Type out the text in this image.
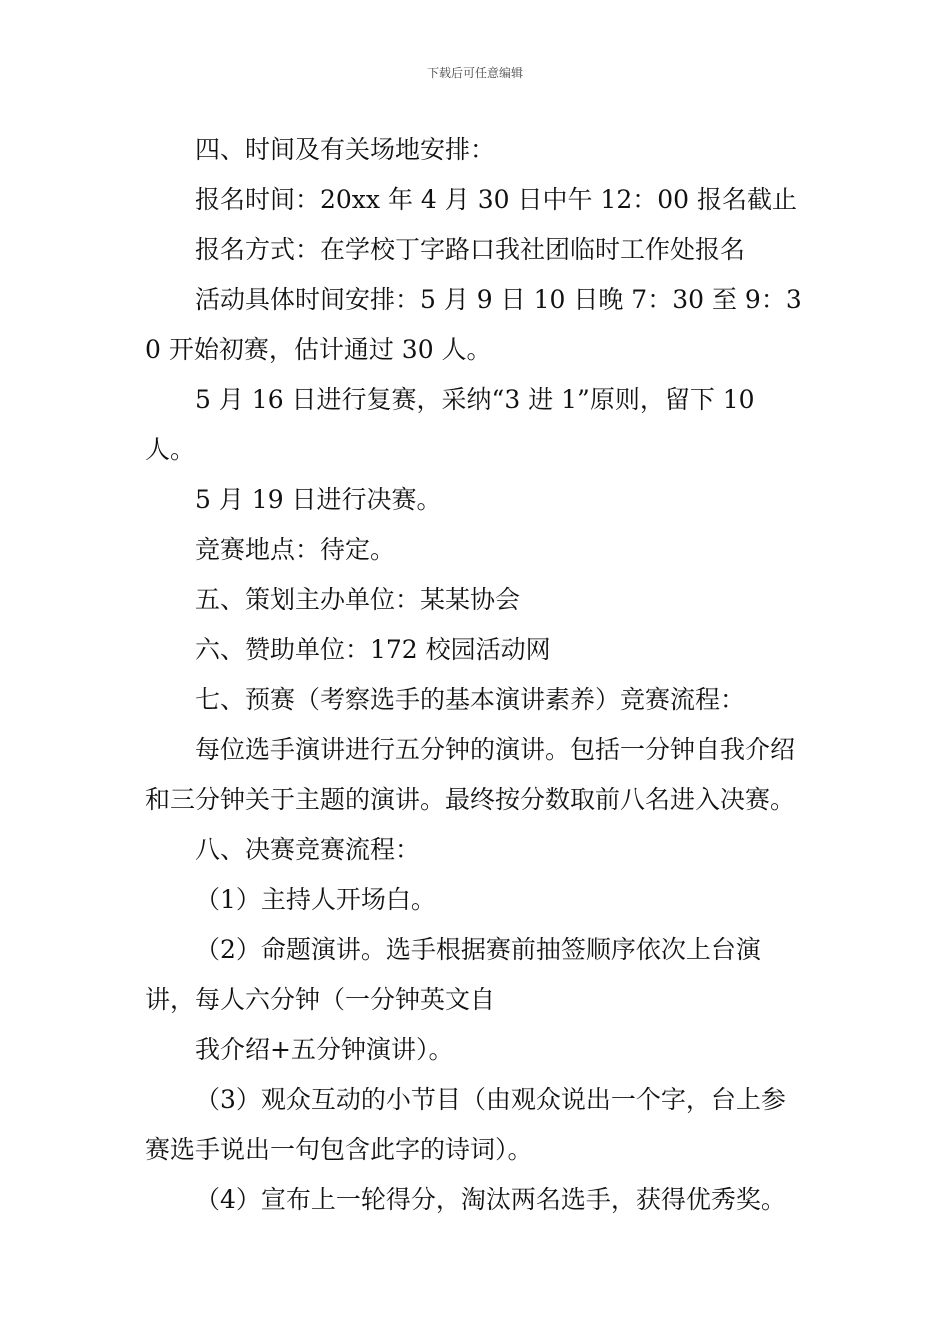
下载后可任意编辑

四、时间及有关场地安排：

报名时间：20xx 年 4 月 30 日中午 12：00 报名截止

报名方式：在学校丁字路口我社团临时工作处报名

活动具体时间安排：5 月 9 日 10 日晚 7：30 至 9：30 开始初赛，估计通过 30 人。

5 月 16 日进行复赛，采纳“3 进 1”原则，留下 10 人。

5 月 19 日进行决赛。

竞赛地点：待定。

五、策划主办单位：某某协会

六、赞助单位：172 校园活动网

七、预赛（考察选手的基本演讲素养）竞赛流程：

每位选手演讲进行五分钟的演讲。包括一分钟自我介绍和三分钟关于主题的演讲。最终按分数取前八名进入决赛。

八、决赛竞赛流程：

（1）主持人开场白。

（2）命题演讲。选手根据赛前抽签顺序依次上台演讲，每人六分钟（一分钟英文自

我介绍+五分钟演讲）。

（3）观众互动的小节目（由观众说出一个字，台上参赛选手说出一句包含此字的诗词）。

（4）宣布上一轮得分，淘汰两名选手，获得优秀奖。
